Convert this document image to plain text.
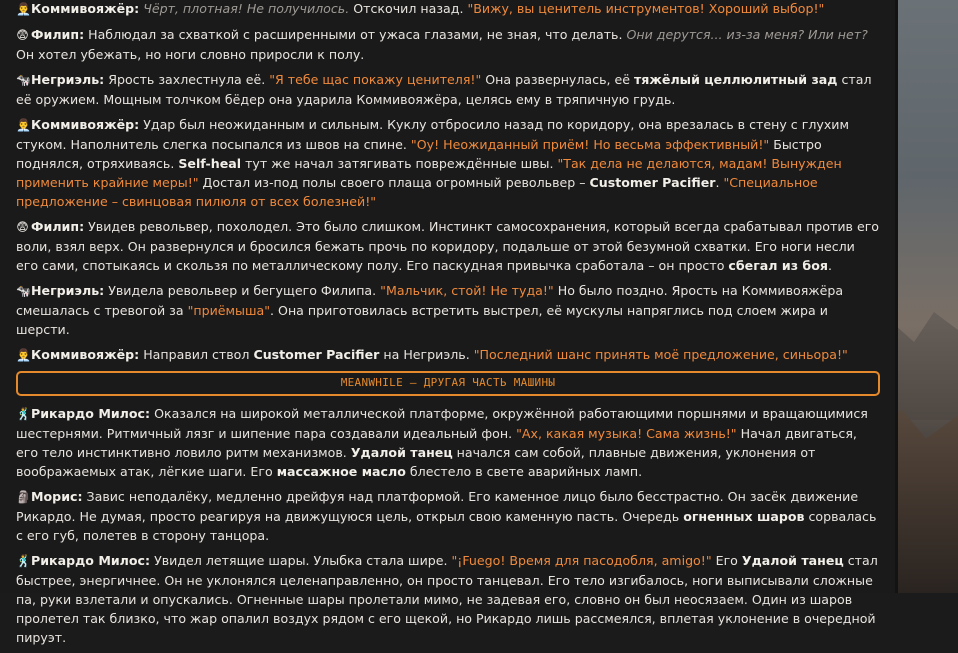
👨‍💼Коммивояжёр: Чёрт, плотная! Не получилось. Отскочил назад. "Вижу, вы ценитель инструментов! Хороший выбор!"

😨 Филип: Наблюдал за схваткой с расширенными от ужаса глазами, не зная, что делать. Они дерутся... из-за меня? Или нет? Он хотел убежать, но ноги словно приросли к полу.

🐄Негриэль: Ярость захлестнула её. "Я тебе щас покажу ценителя!" Она развернулась, её тяжёлый целлюлитный зад стал её оружием. Мощным толчком бёдер она ударила Коммивояжёра, целясь ему в тряпичную грудь.

👨‍💼Коммивояжёр: Удар был неожиданным и сильным. Куклу отбросило назад по коридору, она врезалась в стену с глухим стуком. Наполнитель слегка посыпался из швов на спине. "Оу! Неожиданный приём! Но весьма эффективный!" Быстро поднялся, отряхиваясь. Self-heal тут же начал затягивать повреждённые швы. "Так дела не делаются, мадам! Вынужден применить крайние меры!" Достал из-под полы своего плаща огромный револьвер – Customer Pacifier. "Специальное предложение – свинцовая пилюля от всех болезней!"

😨 Филип: Увидев револьвер, похолодел. Это было слишком. Инстинкт самосохранения, который всегда срабатывал против его воли, взял верх. Он развернулся и бросился бежать прочь по коридору, подальше от этой безумной схватки. Его ноги несли его сами, спотыкаясь и скользя по металлическому полу. Его паскудная привычка сработала – он просто сбегал из боя.

🐄Негриэль: Увидела револьвер и бегущего Филипа. "Мальчик, стой! Не туда!" Но было поздно. Ярость на Коммивояжёра смешалась с тревогой за "приёмыша". Она приготовилась встретить выстрел, её мускулы напряглись под слоем жира и шерсти.

👨‍💼Коммивояжёр: Направил ствол Customer Pacifier на Негриэль. "Последний шанс принять моё предложение, синьора!"

MEANWHILE – ДРУГАЯ ЧАСТЬ МАШИНЫ

🕺Рикардо Милос: Оказался на широкой металлической платформе, окружённой работающими поршнями и вращающимися шестернями. Ритмичный лязг и шипение пара создавали идеальный фон. "Ах, какая музыка! Сама жизнь!" Начал двигаться, его тело инстинктивно ловило ритм механизмов. Удалой танец начался сам собой, плавные движения, уклонения от воображаемых атак, лёгкие шаги. Его массажное масло блестело в свете аварийных ламп.

🗿Морис: Завис неподалёку, медленно дрейфуя над платформой. Его каменное лицо было бесстрастно. Он засёк движение Рикардо. Не думая, просто реагируя на движущуюся цель, открыл свою каменную пасть. Очередь огненных шаров сорвалась с его губ, полетев в сторону танцора.

🕺Рикардо Милос: Увидел летящие шары. Улыбка стала шире. "¡Fuego! Время для пасодобля, amigo!" Его Удалой танец стал быстрее, энергичнее. Он не уклонялся целенаправленно, он просто танцевал. Его тело изгибалось, ноги выписывали сложные па, руки взлетали и опускались. Огненные шары пролетали мимо, не задевая его, словно он был неосязаем. Один из шаров пролетел так близко, что жар опалил воздух рядом с его щекой, но Рикардо лишь рассмеялся, вплетая уклонение в очередной пируэт.
